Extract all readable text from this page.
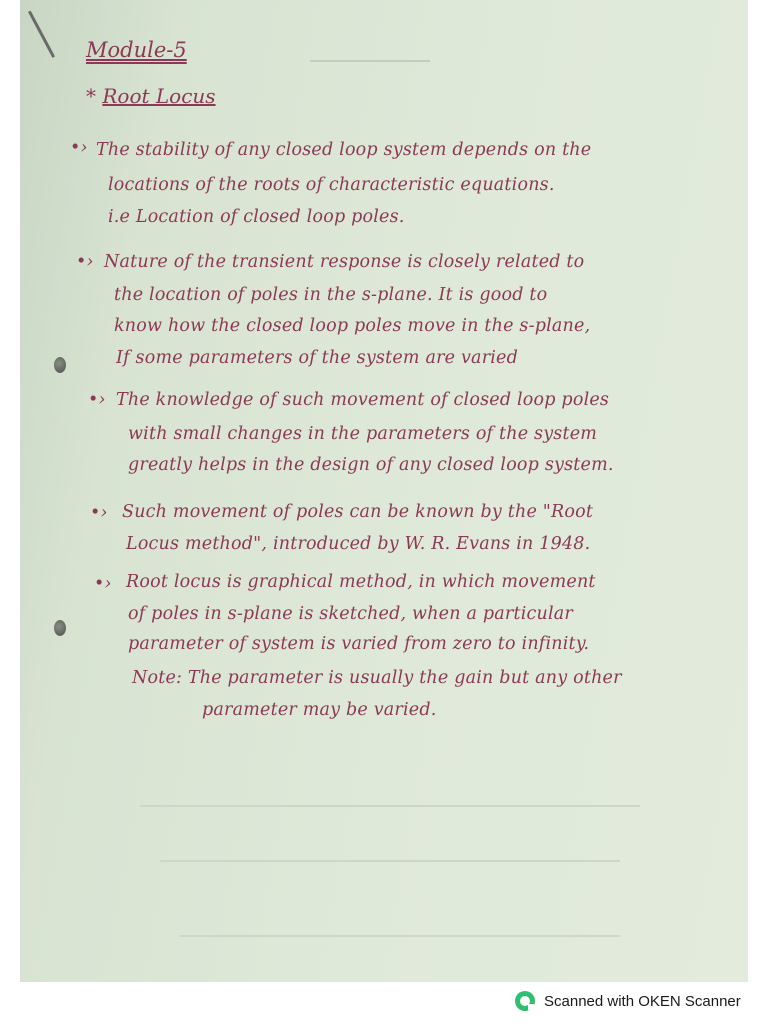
Module-5
* Root Locus
•› The stability of any closed loop system depends on the
locations of the roots of characteristic equations.
i.e Location of closed loop poles.
•› Nature of the transient response is closely related to
the location of poles in the s-plane. It is good to
know how the closed loop poles move in the s-plane,
If some parameters of the system are varied
•› The knowledge of such movement of closed loop poles
with small changes in the parameters of the system
greatly helps in the design of any closed loop system.
•› Such movement of poles can be known by the "Root
Locus method", introduced by W. R. Evans in 1948.
•› Root locus is graphical method, in which movement
of poles in s-plane is sketched, when a particular
parameter of system is varied from zero to infinity.
Note: The parameter is usually the gain but any other
parameter may be varied.
Scanned with OKEN Scanner
